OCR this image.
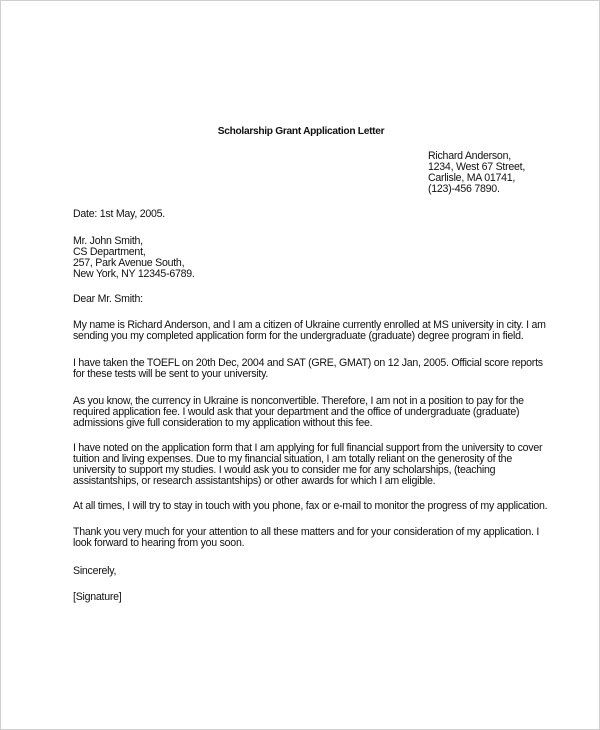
Scholarship Grant Application Letter
Richard Anderson,
1234, West 67 Street,
Carlisle, MA 01741,
(123)-456 7890.
Date: 1st May, 2005.
Mr. John Smith,
CS Department,
257, Park Avenue South,
New York, NY 12345-6789.
Dear Mr. Smith:
My name is Richard Anderson, and I am a citizen of Ukraine currently enrolled at MS university in city. I am
sending you my completed application form for the undergraduate (graduate) degree program in field.
I have taken the TOEFL on 20th Dec, 2004 and SAT (GRE, GMAT) on 12 Jan, 2005. Official score reports
for these tests will be sent to your university.
As you know, the currency in Ukraine is nonconvertible. Therefore, I am not in a position to pay for the
required application fee. I would ask that your department and the office of undergraduate (graduate)
admissions give full consideration to my application without this fee.
I have noted on the application form that I am applying for full financial support from the university to cover
tuition and living expenses. Due to my financial situation, I am totally reliant on the generosity of the
university to support my studies. I would ask you to consider me for any scholarships, (teaching
assistantships, or research assistantships) or other awards for which I am eligible.
At all times, I will try to stay in touch with you phone, fax or e-mail to monitor the progress of my application.
Thank you very much for your attention to all these matters and for your consideration of my application. I
look forward to hearing from you soon.
Sincerely,
[Signature]
